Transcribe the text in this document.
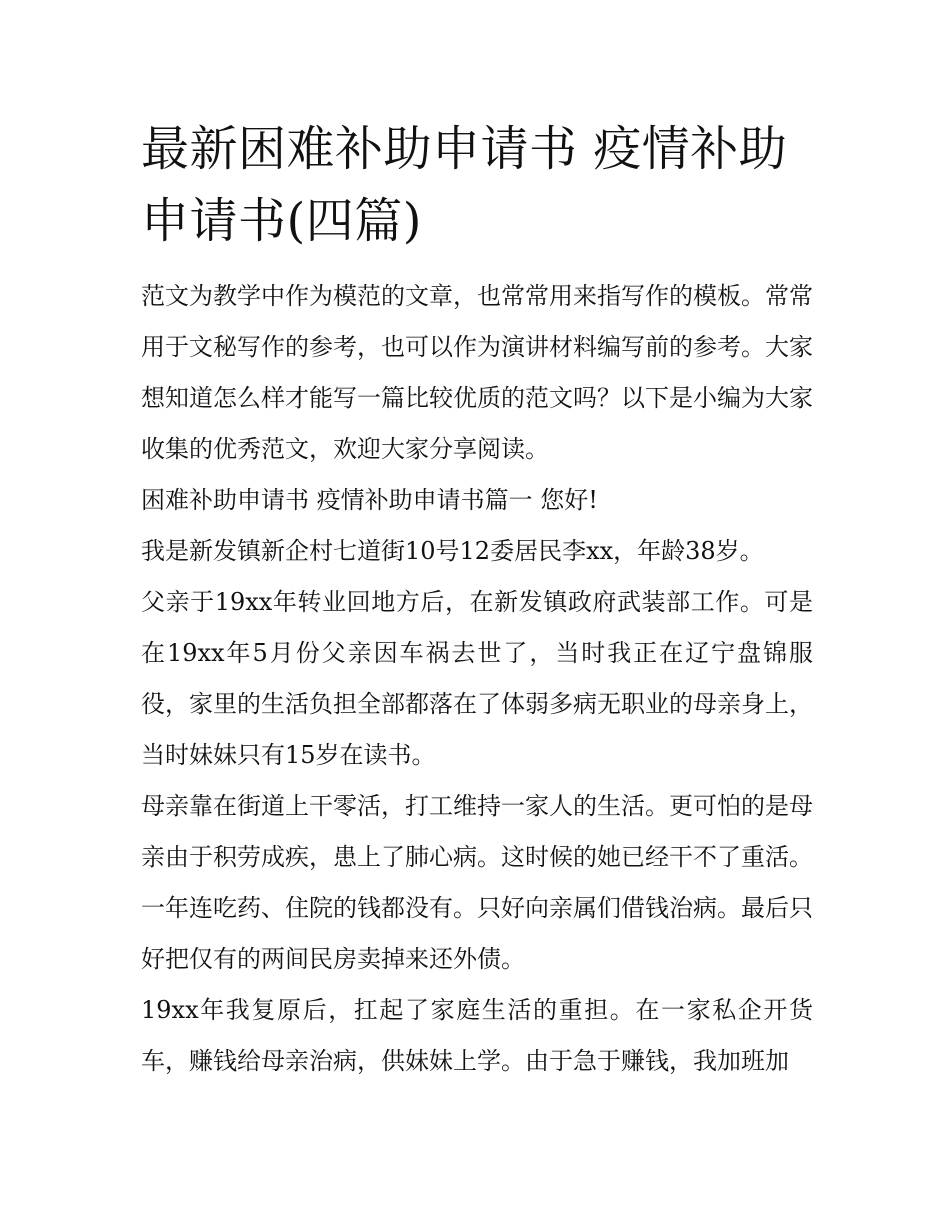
最新困难补助申请书 疫情补助申请书(四篇)

范文为教学中作为模范的文章，也常常用来指写作的模板。常常用于文秘写作的参考，也可以作为演讲材料编写前的参考。大家想知道怎么样才能写一篇比较优质的范文吗？以下是小编为大家收集的优秀范文，欢迎大家分享阅读。

困难补助申请书 疫情补助申请书篇一 您好!

我是新发镇新企村七道街10号12委居民李xx，年龄38岁。

父亲于19xx年转业回地方后，在新发镇政府武装部工作。可是在19xx年5月份父亲因车祸去世了，当时我正在辽宁盘锦服役，家里的生活负担全部都落在了体弱多病无职业的母亲身上，当时妹妹只有15岁在读书。

母亲靠在街道上干零活，打工维持一家人的生活。更可怕的是母亲由于积劳成疾，患上了肺心病。这时候的她已经干不了重活。一年连吃药、住院的钱都没有。只好向亲属们借钱治病。最后只好把仅有的两间民房卖掉来还外债。

19xx年我复原后，扛起了家庭生活的重担。在一家私企开货车，赚钱给母亲治病，供妹妹上学。由于急于赚钱，我加班加
